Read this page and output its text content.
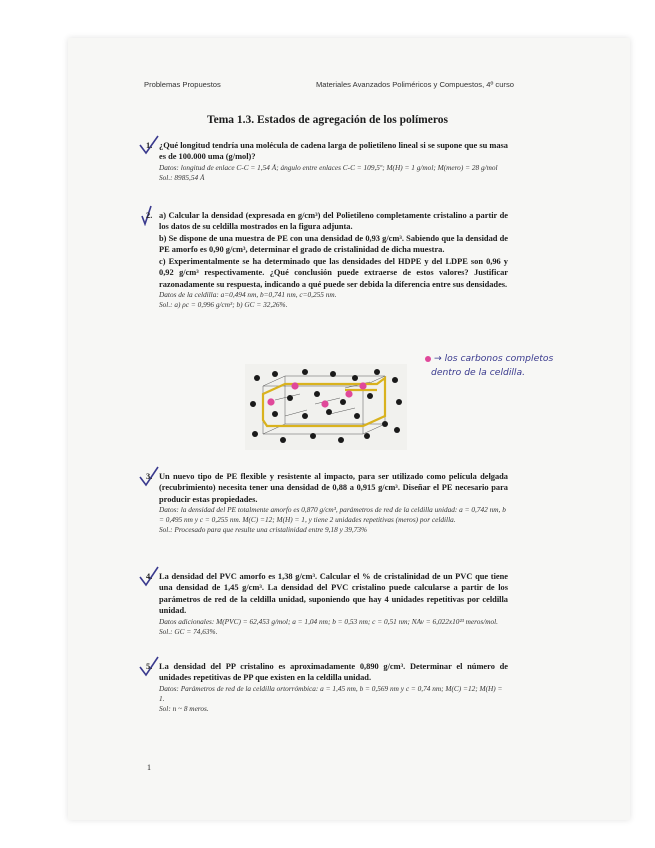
Problemas Propuestos	Materiales Avanzados Poliméricos y Compuestos, 4º curso
Tema 1.3. Estados de agregación de los polímeros
1. ¿Qué longitud tendría una molécula de cadena larga de polietileno lineal si se supone que su masa es de 100.000 uma (g/mol)?
Datos: longitud de enlace C-C = 1,54 Å; ángulo entre enlaces C-C = 109,5º; M(H) = 1 g/mol; M(mero) = 28 g/mol
Sol.: 8985,54 Å
2. a) Calcular la densidad (expresada en g/cm³) del Polietileno completamente cristalino a partir de los datos de su celdilla mostrados en la figura adjunta.
b) Se dispone de una muestra de PE con una densidad de 0,93 g/cm³. Sabiendo que la densidad de PE amorfo es 0,90 g/cm³, determinar el grado de cristalinidad de dicha muestra.
c) Experimentalmente se ha determinado que las densidades del HDPE y del LDPE son 0,96 y 0,92 g/cm³ respectivamente. ¿Qué conclusión puede extraerse de estos valores? Justificar razonadamente su respuesta, indicando a qué puede ser debida la diferencia entre sus densidades.
Datos de la celdilla: a=0,494 nm, b=0,741 nm, c=0,255 nm.
Sol.: a) ρc = 0,996 g/cm³; b) GC = 32,26%.
→ los carbonos completos
dentro de la celdilla.
3. Un nuevo tipo de PE flexible y resistente al impacto, para ser utilizado como película delgada (recubrimiento) necesita tener una densidad de 0,88 a 0,915 g/cm³. Diseñar el PE necesario para producir estas propiedades.
Datos: la densidad del PE totalmente amorfo es 0,870 g/cm³, parámetros de red de la celdilla unidad: a = 0,742 nm, b = 0,495 nm y c = 0,255 nm. M(C) =12; M(H) = 1, y tiene 2 unidades repetitivas (meros) por celdilla.
Sol.: Procesado para que resulte una cristalinidad entre 9,18 y 39,73%
4. La densidad del PVC amorfo es 1,38 g/cm³. Calcular el % de cristalinidad de un PVC que tiene una densidad de 1,45 g/cm³. La densidad del PVC cristalino puede calcularse a partir de los parámetros de red de la celdilla unidad, suponiendo que hay 4 unidades repetitivas por celdilla unidad.
Datos adicionales: M(PVC) = 62,453 g/mol; a = 1,04 nm; b = 0,53 nm; c = 0,51 nm; NAv = 6,022x10²³ meros/mol.
Sol.: GC = 74,63%.
5. La densidad del PP cristalino es aproximadamente 0,890 g/cm³. Determinar el número de unidades repetitivas de PP que existen en la celdilla unidad.
Datos: Parámetros de red de la celdilla ortorrómbica: a = 1,45 nm, b = 0,569 nm y c = 0,74 nm; M(C) =12; M(H) = 1.
Sol: n ~ 8 meros.
1
